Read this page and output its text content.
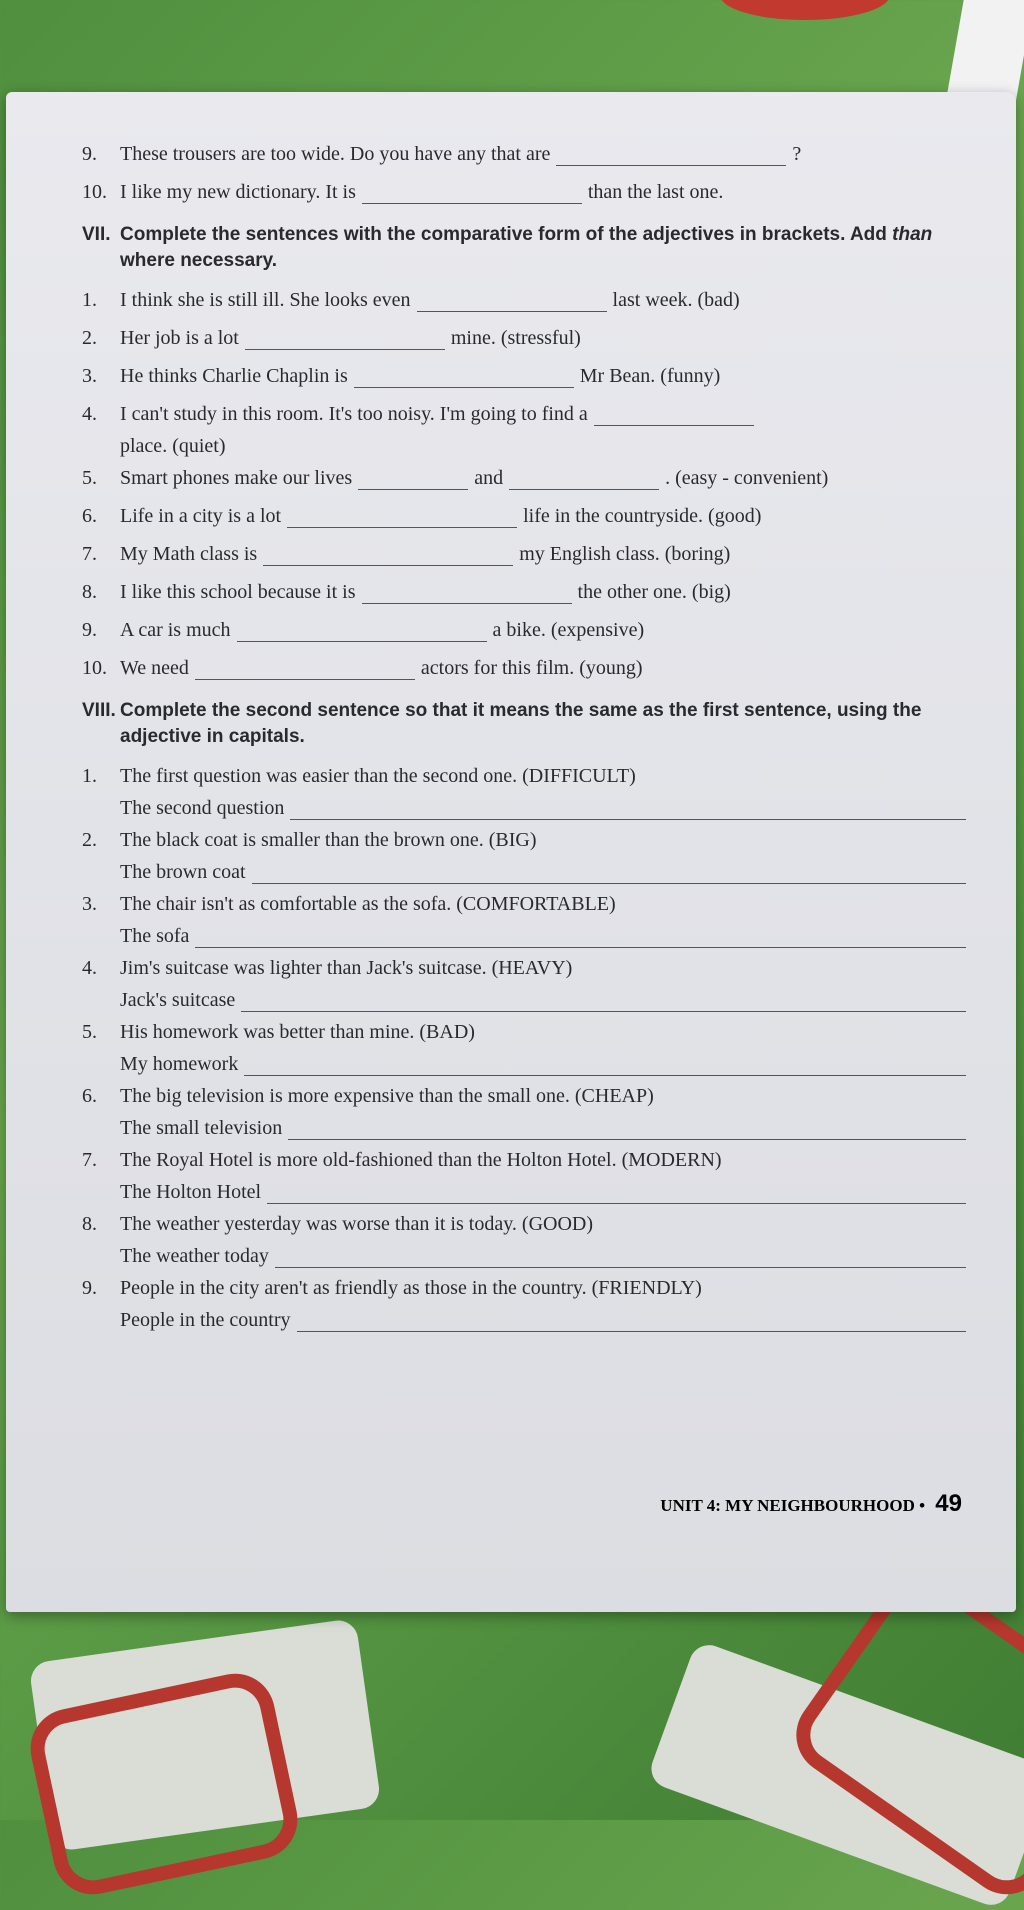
9.	These trousers are too wide. Do you have any that are	?
10. I like my new dictionary. It is	than the last one.
VII. Complete the sentences with the comparative form of the adjectives in brackets. Add than where necessary.
1.	I think she is still ill. She looks even	last week. (bad)
2.	Her job is a lot	mine. (stressful)
3.	He thinks Charlie Chaplin is	Mr Bean. (funny)
4.	I can't study in this room. It's too noisy. I'm going to find a
place. (quiet)
5.	Smart phones make our lives	and	. (easy - convenient)
6.	Life in a city is a lot	life in the countryside. (good)
7.	My Math class is	my English class. (boring)
8.	I like this school because it is	the other one. (big)
9.	A car is much	a bike. (expensive)
10. We need	actors for this film. (young)
VIII. Complete the second sentence so that it means the same as the first sentence, using the adjective in capitals.
1.	The first question was easier than the second one. (DIFFICULT)
The second question
2.	The black coat is smaller than the brown one. (BIG)
The brown coat
3.	The chair isn't as comfortable as the sofa. (COMFORTABLE)
The sofa
4.	Jim's suitcase was lighter than Jack's suitcase. (HEAVY)
Jack's suitcase
5.	His homework was better than mine. (BAD)
My homework
6.	The big television is more expensive than the small one. (CHEAP)
The small television
7.	The Royal Hotel is more old-fashioned than the Holton Hotel. (MODERN)
The Holton Hotel
8.	The weather yesterday was worse than it is today. (GOOD)
The weather today
9.	People in the city aren't as friendly as those in the country. (FRIENDLY)
People in the country
UNIT 4: MY NEIGHBOURHOOD • 49
